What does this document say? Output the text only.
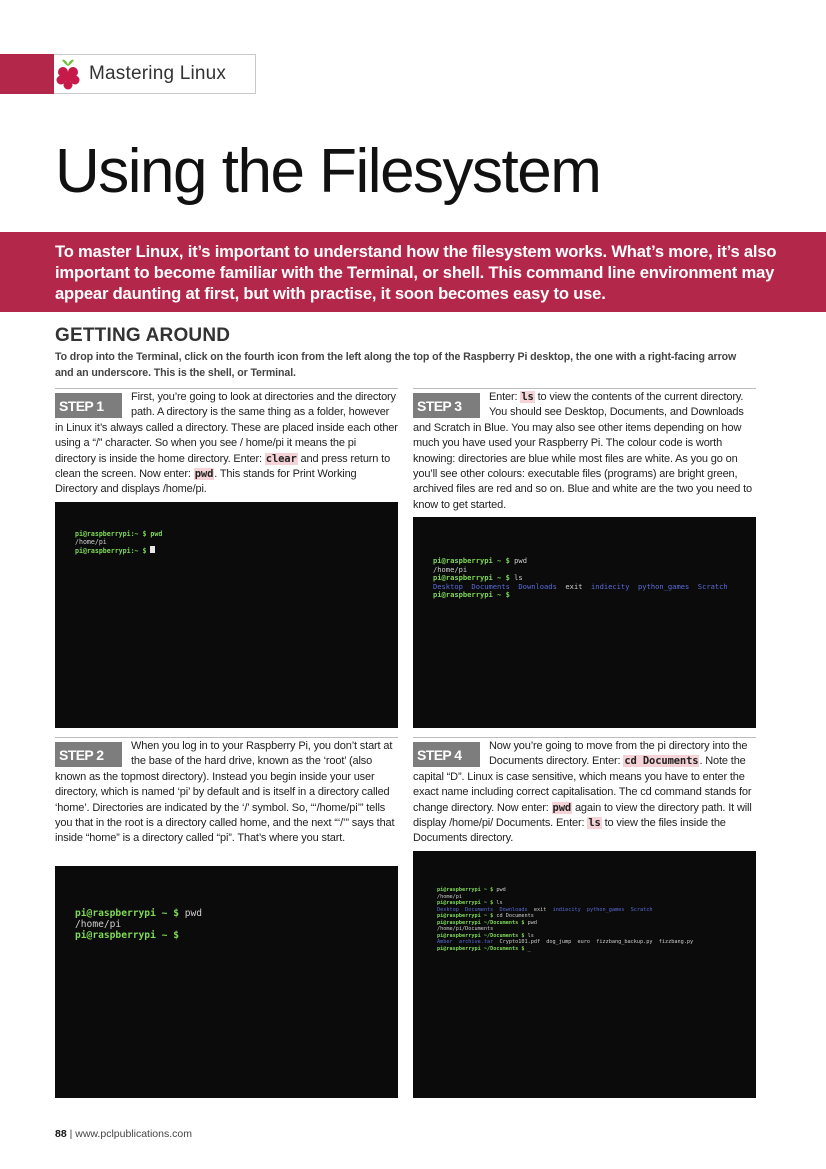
Mastering Linux
Using the Filesystem

To master Linux, it’s important to understand how the filesystem works. What’s more, it’s also important to become familiar with the Terminal, or shell. This command line environment may appear daunting at first, but with practise, it soon becomes easy to use.

GETTING AROUND

To drop into the Terminal, click on the fourth icon from the left along the top of the Raspberry Pi desktop, the one with a right-facing arrow and an underscore. This is the shell, or Terminal.

STEP 1

First, you’re going to look at directories and the directory path. A directory is the same thing as a folder, however in Linux it’s always called a directory. These are placed inside each other using a “/” character. So when you see / home/pi it means the pi directory is inside the home directory. Enter: clear and press return to clean the screen. Now enter: pwd. This stands for Print Working Directory and displays /home/pi.

pi@raspberrypi:~ $ pwd
/home/pi
pi@raspberrypi:~ $
STEP 3

Enter: ls to view the contents of the current directory. You should see Desktop, Documents, and Downloads and Scratch in Blue. You may also see other items depending on how much you have used your Raspberry Pi. The colour code is worth knowing: directories are blue while most files are white. As you go on you’ll see other colours: executable files (programs) are bright green, archived files are red and so on. Blue and white are the two you need to know to get started.

pi@raspberrypi ~ $ pwd
/home/pi
pi@raspberrypi ~ $ ls
Desktop  Documents  Downloads  exit  indiecity  python_games  Scratch
pi@raspberrypi ~ $
STEP 2

When you log in to your Raspberry Pi, you don’t start at the base of the hard drive, known as the ‘root’ (also known as the topmost directory). Instead you begin inside your user directory, which is named ‘pi’ by default and is itself in a directory called ‘home’. Directories are indicated by the ‘/’ symbol. So, “‘/home/pi’” tells you that in the root is a directory called home, and the next “‘/’” says that inside “home” is a directory called “pi”. That’s where you start.

pi@raspberrypi ~ $ pwd
/home/pi
pi@raspberrypi ~ $
STEP 4

Now you’re going to move from the pi directory into the Documents directory. Enter: cd Documents. Note the capital “D”. Linux is case sensitive, which means you have to enter the exact name including correct capitalisation. The cd command stands for change directory. Now enter: pwd again to view the directory path. It will display /home/pi/ Documents. Enter: ls to view the files inside the Documents directory.

pi@raspberrypi ~ $ pwd
/home/pi
pi@raspberrypi ~ $ ls
Desktop  Documents  Downloads  exit  indiecity  python_games  Scratch
pi@raspberrypi ~ $ cd Documents
pi@raspberrypi ~/Documents $ pwd
/home/pi/Documents
pi@raspberrypi ~/Documents $ ls
Amber  archive.tar  Crypto101.pdf  dog_jump  euro  fizzbang_backup.py  fizzbang.py
pi@raspberrypi ~/Documents $ _
88 | www.pclpublications.com
